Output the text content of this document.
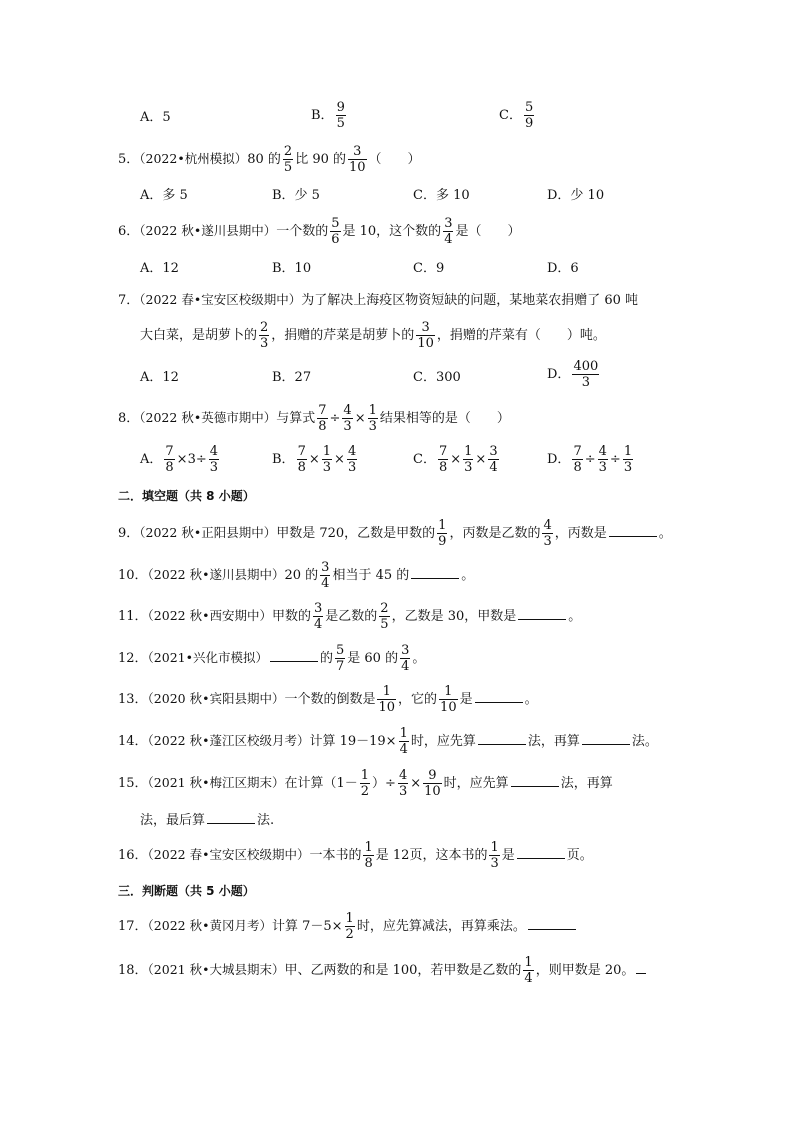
A．5	B． $\frac{9}{5}$	C． $\frac{5}{9}$
5．（2022•杭州模拟）80 的 $\frac{2}{5}$ 比 90 的 $\frac{3}{10}$ （　　）
A．多 5	B．少 5	C．多 10	D．少 10
6．（2022 秋•遂川县期中）一个数的 $\frac{5}{6}$ 是 10，这个数的 $\frac{3}{4}$ 是（　　）
A．12	B．10	C．9	D．6
7．（2022 春•宝安区校级期中）为了解决上海疫区物资短缺的问题，某地菜农捐赠了 60 吨
大白菜，是胡萝卜的 $\frac{2}{3}$ ，捐赠的芹菜是胡萝卜的 $\frac{3}{10}$ ，捐赠的芹菜有（　　）吨。
A．12	B．27	C．300	D． $\frac{400}{3}$
8．（2022 秋•英德市期中）与算式 $\frac{7}{8} \div \frac{4}{3} \times \frac{1}{3}$ 结果相等的是（　　）
A． $\frac{7}{8} \times 3\div \frac{4}{3}$	B． $\frac{7}{8} \times \frac{1}{3} \times \frac{4}{3}$	C． $\frac{7}{8} \times \frac{1}{3} \times \frac{3}{4}$	D． $\frac{7}{8} \div \frac{4}{3} \div \frac{1}{3}$
二．填空题（共 8 小题）
9．（2022 秋•正阳县期中）甲数是 720，乙数是甲数的 $\frac{1}{9}$ ，丙数是乙数的 $\frac{4}{3}$ ，丙数是	。
10．（2022 秋•遂川县期中）20 的 $\frac{3}{4}$ 相当于 45 的	。
11．（2022 秋•西安期中）甲数的 $\frac{3}{4}$ 是乙数的 $\frac{2}{5}$ ，乙数是 30，甲数是	。
12．（2021•兴化市模拟）	的 $\frac{5}{7}$ 是 60 的 $\frac{3}{4}$ 。
13．（2020 秋•宾阳县期中）一个数的倒数是 $\frac{1}{10}$ ，它的 $\frac{1}{10}$ 是	。
14．（2022 秋•蓬江区校级月考）计算 $19-19\times \frac{1}{4}$ 时，应先算	法，再算	法。
15．（2021 秋•梅江区期末）在计算（$1- \frac{1}{2}$ ）÷ $\frac{4}{3} \times \frac{9}{10}$ 时，应先算	法，再算
法，最后算	法.
16．（2022 春•宝安区校级期中）一本书的 $\frac{1}{8}$ 是 12页，这本书的 $\frac{1}{3}$ 是	页。
三．判断题（共 5 小题）
17．（2022 秋•黄冈月考）计算 $7-5\times \frac{1}{2}$ 时，应先算减法，再算乘法。
18．（2021 秋•大城县期末）甲、乙两数的和是 100，若甲数是乙数的 $\frac{1}{4}$ ，则甲数是 20。
